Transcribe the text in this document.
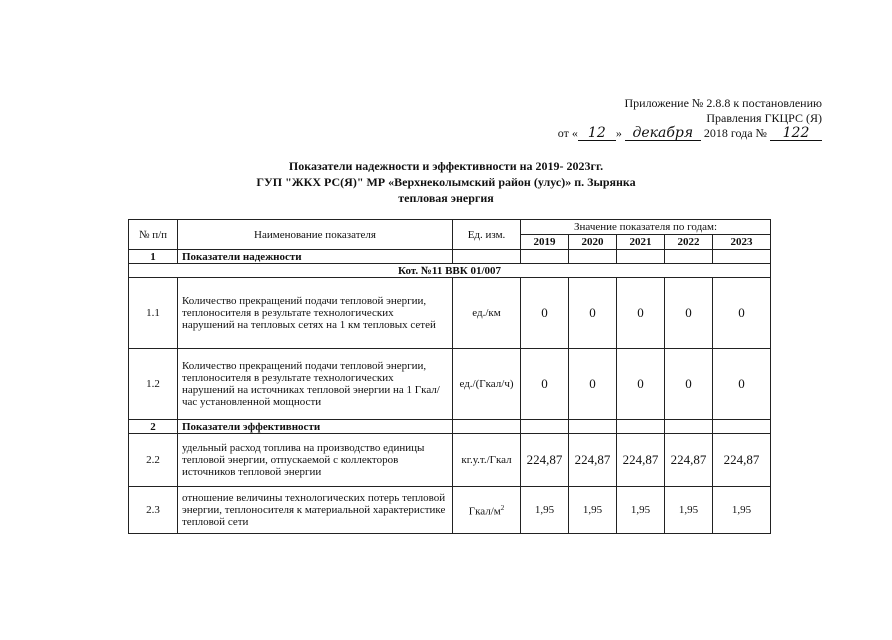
Приложение № 2.8.8 к постановлению
Правления ГКЦРС (Я)
от « 12 » декабря 2018 года № 122
Показатели надежности и эффективности на 2019- 2023гг.
ГУП "ЖКХ РС(Я)" МР «Верхнеколымский район (улус)» п. Зырянка
тепловая энергия
№ п/п	Наименование показателя	Ед. изм.	Значение показателя по годам:				
			2019	2020	2021	2022	2023
1	Показатели надежности						
Кот. №11 ВВК 01/007							
1.1	Количество прекращений подачи тепловой энергии, теплоносителя в результате технологических нарушений на тепловых сетях на 1 км тепловых сетей	ед./км	0	0	0	0	0
1.2	Количество прекращений подачи тепловой энергии, теплоносителя в результате технологических нарушений на источниках тепловой энергии на 1 Гкал/час установленной мощности	ед./(Гкал/ч)	0	0	0	0	0
2	Показатели эффективности						
2.2	удельный расход топлива на производство единицы тепловой энергии, отпускаемой с коллекторов источников тепловой энергии	кг.у.т./Гкал	224,87	224,87	224,87	224,87	224,87
2.3	отношение величины технологических потерь тепловой энергии, теплоносителя к материальной характеристике тепловой сети	Гкал/$м^2$	1,95	1,95	1,95	1,95	1,95
